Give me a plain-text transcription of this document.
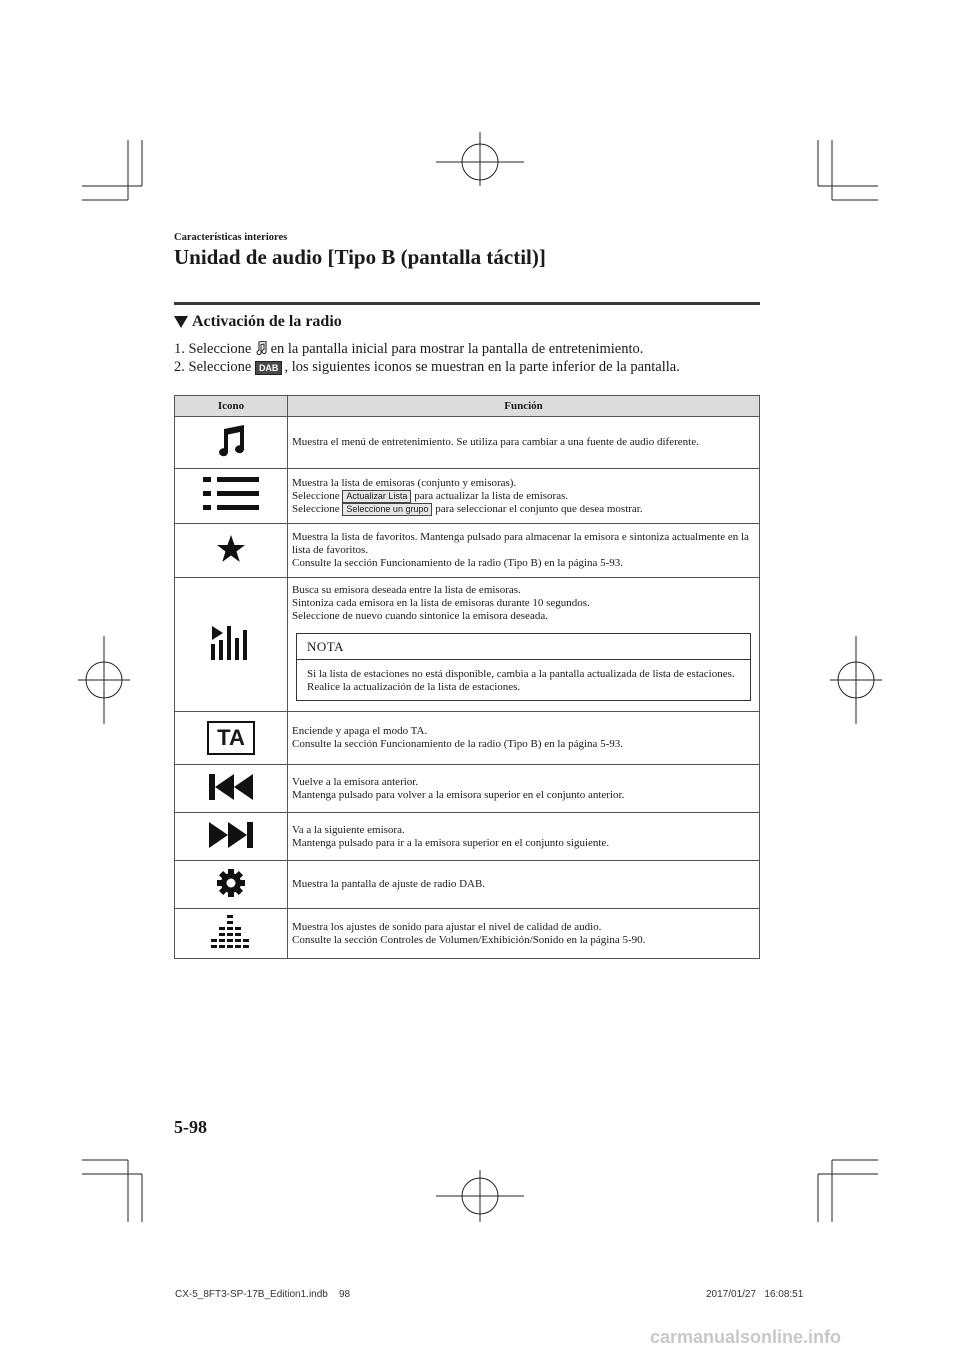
Características interiores
Unidad de audio [Tipo B (pantalla táctil)]
Activación de la radio
1. Seleccione en la pantalla inicial para mostrar la pantalla de entretenimiento.
2. Seleccione DAB , los siguientes iconos se muestran en la parte inferior de la pantalla.
Icono	Función

Muestra el menú de entretenimiento. Se utiliza para cambiar a una fuente de audio diferente.

Muestra la lista de emisoras (conjunto y emisoras).
Seleccione Actualizar Lista para actualizar la lista de emisoras.
Seleccione Seleccione un grupo para seleccionar el conjunto que desea mostrar.

Muestra la lista de favoritos. Mantenga pulsado para almacenar la emisora e sintoniza actualmente en la lista de favoritos.
Consulte la sección Funcionamiento de la radio (Tipo B) en la página 5-93.

Busca su emisora deseada entre la lista de emisoras.
Sintoniza cada emisora en la lista de emisoras durante 10 segundos.
Seleccione de nuevo cuando sintonice la emisora deseada.
NOTA
Si la lista de estaciones no está disponible, cambia a la pantalla actualizada de lista de estaciones. Realice la actualización de la lista de estaciones.

TA	Enciende y apaga el modo TA.
Consulte la sección Funcionamiento de la radio (Tipo B) en la página 5-93.

Vuelve a la emisora anterior.
Mantenga pulsado para volver a la emisora superior en el conjunto anterior.

Va a la siguiente emisora.
Mantenga pulsado para ir a la emisora superior en el conjunto siguiente.

Muestra la pantalla de ajuste de radio DAB.

Muestra los ajustes de sonido para ajustar el nivel de calidad de audio.
Consulte la sección Controles de Volumen/Exhibición/Sonido en la página 5-90.
5-98
CX-5_8FT3-SP-17B_Edition1.indb    98	2017/01/27   16:08:51
carmanualsonline.info
